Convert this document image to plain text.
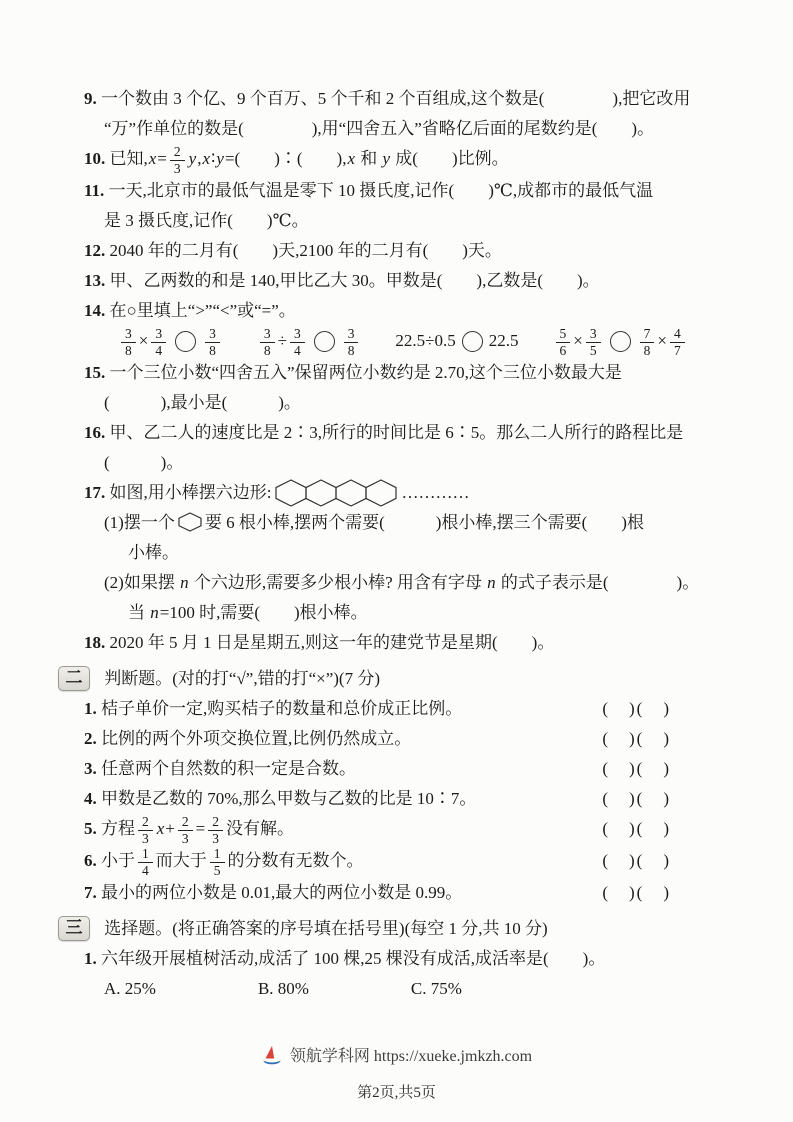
9. 一个数由 3 个亿、9 个百万、5 个千和 2 个百组成,这个数是(　　　　),把它改用
“万”作单位的数是(　　　　),用“四舍五入”省略亿后面的尾数约是(　　)。
10. 已知$,x= \frac{2}{3}$ y,x∶y=(　　)∶(　　),x 和 y 成(　　)比例。
11. 一天,北京市的最低气温是零下 10 摄氏度,记作(　　)℃,成都市的最低气温
是 3 摄氏度,记作(　　)℃。
12. 2040 年的二月有(　　)天,2100 年的二月有(　　)天。
13. 甲、乙两数的和是 140,甲比乙大 30。甲数是(　　),乙数是(　　)。
14. 在○里填上“>”“<”或“=”。
$\frac{3}{8} \times \frac{3}{4}$	$\frac{3}{8}$
　　	$\frac{3}{8} \div \frac{3}{4}$	$\frac{3}{8}$ 　　22.5÷0.5 22.5　　 $\frac{5}{6} \times \frac{3}{5}$	$\frac{7}{8} \times \frac{4}{7}$
15. 一个三位小数“四舍五入”保留两位小数约是 2.70,这个三位小数最大是
(　　　),最小是(　　　)。
16. 甲、乙二人的速度比是 2∶3,所行的时间比是 6∶5。那么二人所行的路程比是
(　　　)。
17. 如图,用小棒摆六边形:	…………
(1)摆一个 要 6 根小棒,摆两个需要(　　　)根小棒,摆三个需要(　　)根
小棒。
(2)如果摆 n 个六边形,需要多少根小棒? 用含有字母 n 的式子表示是(　　　　)。
当 n=100 时,需要(　　)根小棒。
18. 2020 年 5 月 1 日是星期五,则这一年的建党节是星期(　　)。
二 判断题。(对的打“√”,错的打“×”)(7 分)
1. 桔子单价一定,购买桔子的数量和总价成正比例。	(　)(　)
2. 比例的两个外项交换位置,比例仍然成立。	(　)(　)
3. 任意两个自然数的积一定是合数。	(　)(　)
4. 甲数是乙数的 70%,那么甲数与乙数的比是 10∶7。	(　)(　)
5. 方程 $\frac{2}{3} x+ \frac{2}{3} = \frac{2}{3}$ 没有解。	(　)(　)
6. 小于 $\frac{1}{4}$ 而大于 $\frac{1}{5}$ 的分数有无数个。	(　)(　)
7. 最小的两位小数是 0.01,最大的两位小数是 0.99。	(　)(　)
三 选择题。(将正确答案的序号填在括号里)(每空 1 分,共 10 分)
1. 六年级开展植树活动,成活了 100 棵,25 棵没有成活,成活率是(　　)。
A. 25%　　　　　　B. 80%　　　　　　C. 75%
领航学科网 https://xueke.jmkzh.com
第2页,共5页
